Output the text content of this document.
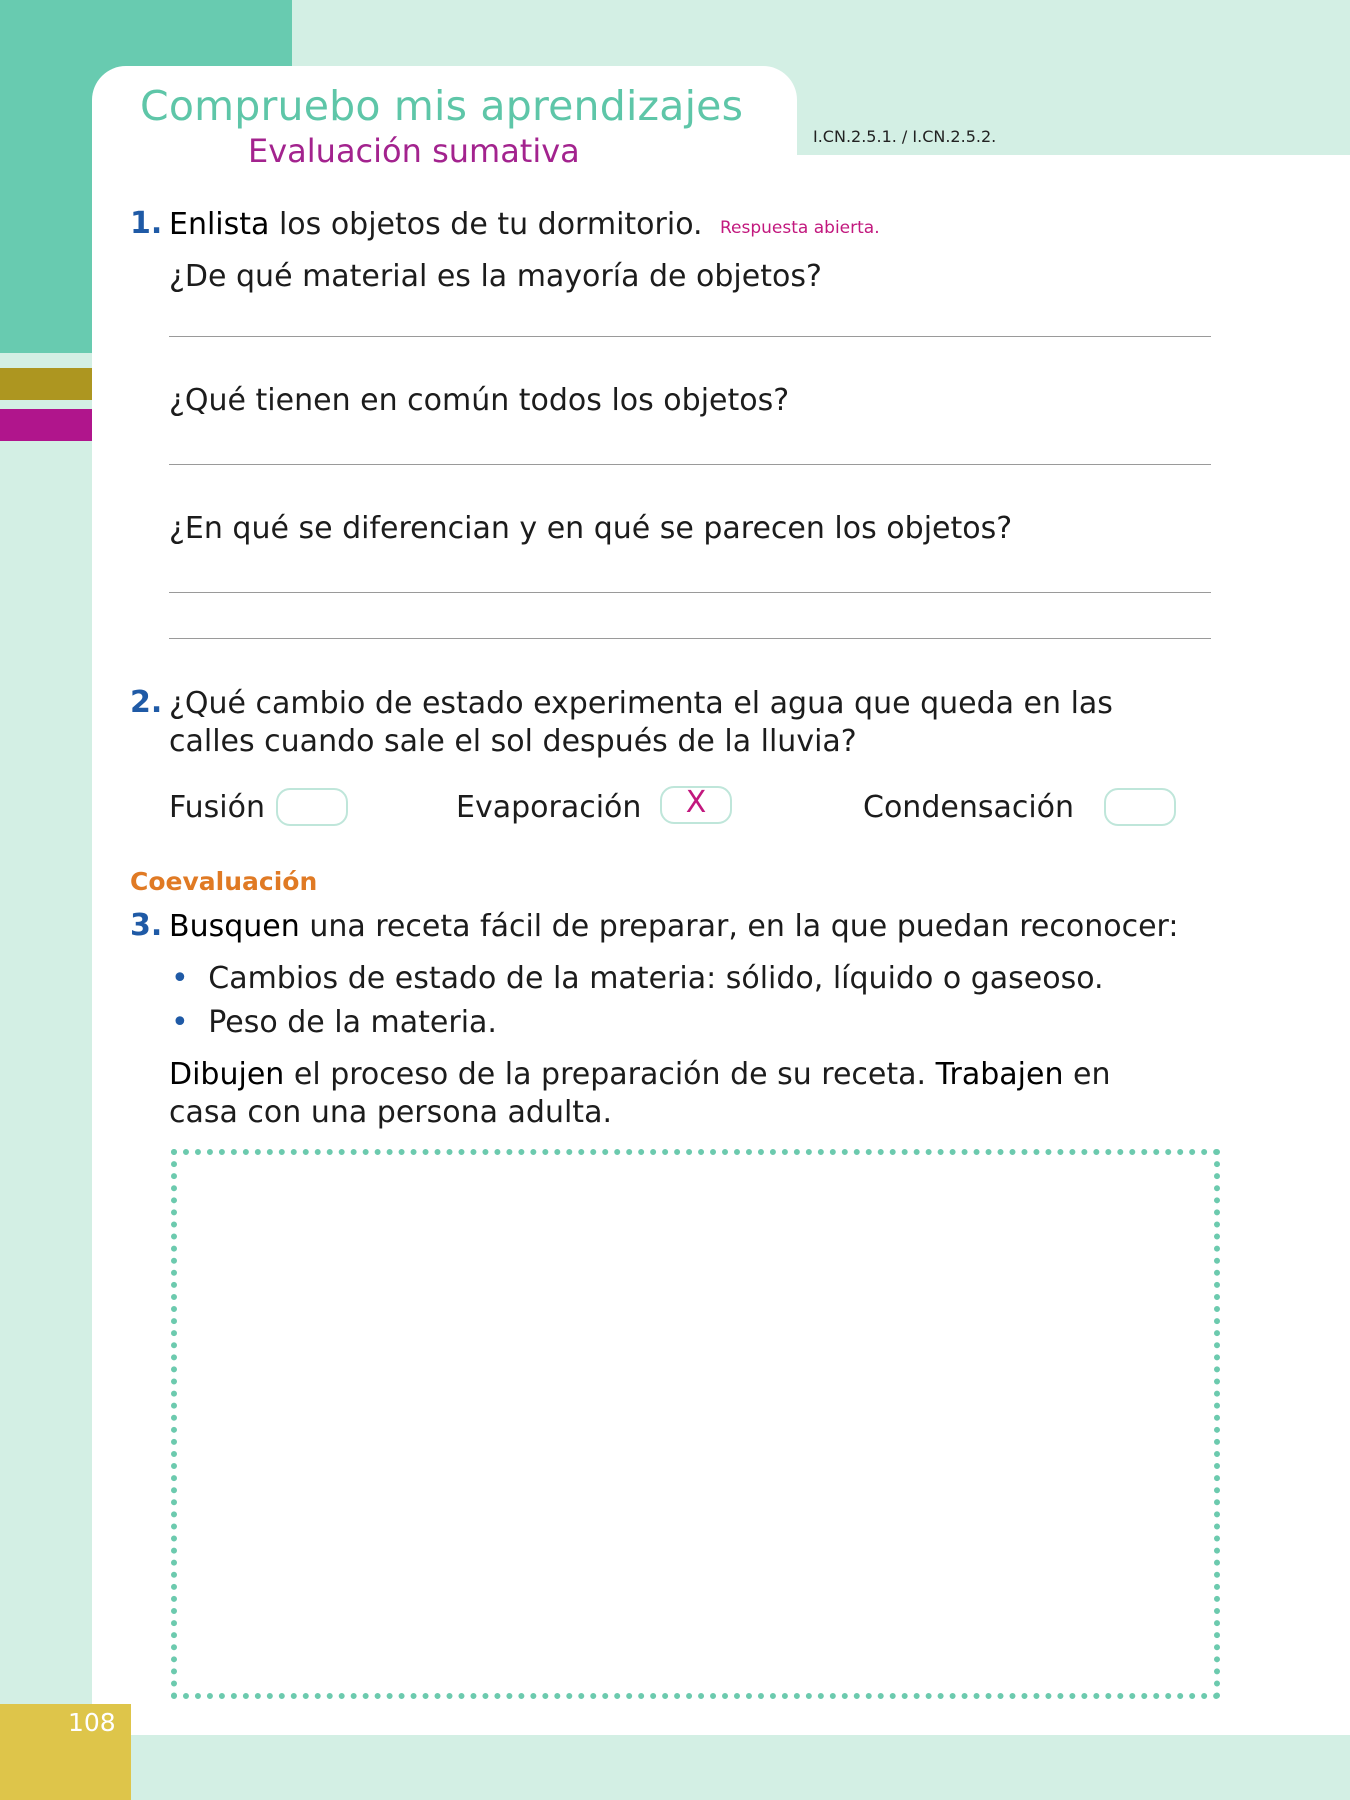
Compruebo mis aprendizajes
Evaluación sumativa	I.CN.2.5.1. / I.CN.2.5.2.
1. Enlista los objetos de tu dormitorio. Respuesta abierta.
¿De qué material es la mayoría de objetos?
¿Qué tienen en común todos los objetos?
¿En qué se diferencian y en qué se parecen los objetos?
2. ¿Qué cambio de estado experimenta el agua que queda en las
calles cuando sale el sol después de la lluvia?
Fusión	Evaporación	X	Condensación
Coevaluación
3. Busquen una receta fácil de preparar, en la que puedan reconocer:
• Cambios de estado de la materia: sólido, líquido o gaseoso.
• Peso de la materia.
Dibujen el proceso de la preparación de su receta. Trabajen en
casa con una persona adulta.
108
